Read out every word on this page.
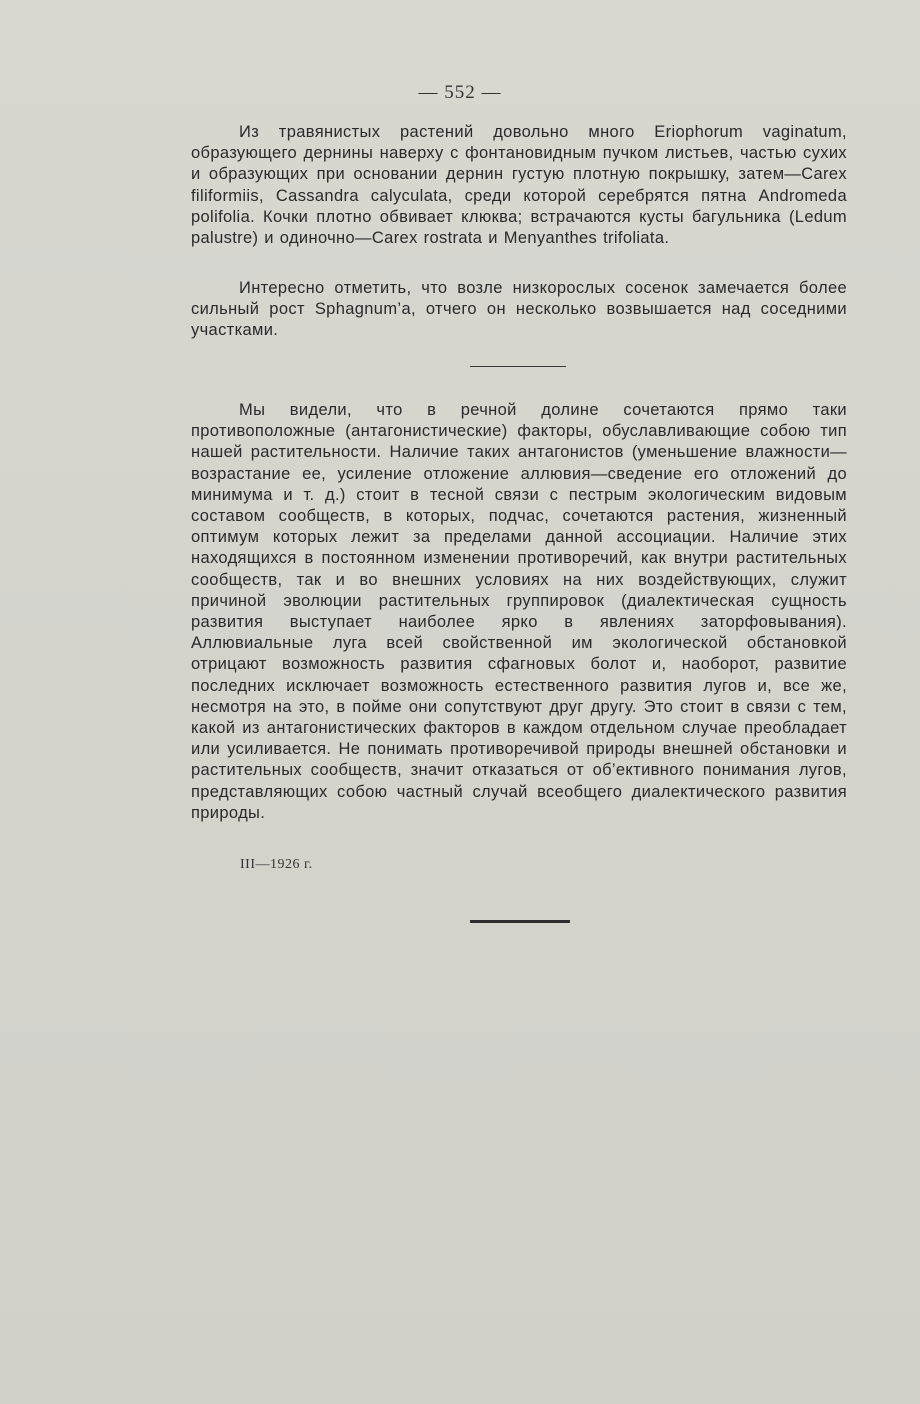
— 552 —

Из травянистых растений довольно много Eriophorum vaginatum, образующего дернины наверху с фонтановидным пучком листьев, частью сухих и образующих при основании дернин густую плотную покрышку, затем—Carex filiformiis, Cassandra calyculata, среди которой серебрятся пятна Andromeda polifolia. Кочки плотно обвивает клюква; встрачаются кусты багульника (Ledum palustre) и одиночно—Carex rostrata и Menyanthes trifoliata.

Интересно отметить, что возле низкорослых сосенок замечается более сильный рост Sphagnum’a, отчего он несколько возвышается над соседними участками.

Мы видели, что в речной долине сочетаются прямо таки противоположные (антагонистические) факторы, обуславливающие собою тип нашей растительности. Наличие таких антагонистов (уменьшение влажности—возрастание ее, усиление отложение аллювия—сведение его отложений до минимума и т. д.) стоит в тесной связи с пестрым экологическим видовым составом сообществ, в которых, подчас, сочетаются растения, жизненный оптимум которых лежит за пределами данной ассоциации. Наличие этих находящихся в постоянном изменении противоречий, как внутри растительных сообществ, так и во внешних условиях на них воздействующих, служит причиной эволюции растительных группировок (диалектическая сущность развития выступает наиболее ярко в явлениях заторфовывания). Аллювиальные луга всей свойственной им экологической обстановкой отрицают возможность развития сфагновых болот и, наоборот, развитие последних исключает возможность естественного развития лугов и, все же, несмотря на это, в пойме они сопутствуют друг другу. Это стоит в связи с тем, какой из антагонистических факторов в каждом отдельном случае преобладает или усиливается. Не понимать противоречивой природы внешней обстановки и растительных сообществ, значит отказаться от об’ективного понимания лугов, представляющих собою частный случай всеобщего диалектического развития природы.

III—1926 г.
